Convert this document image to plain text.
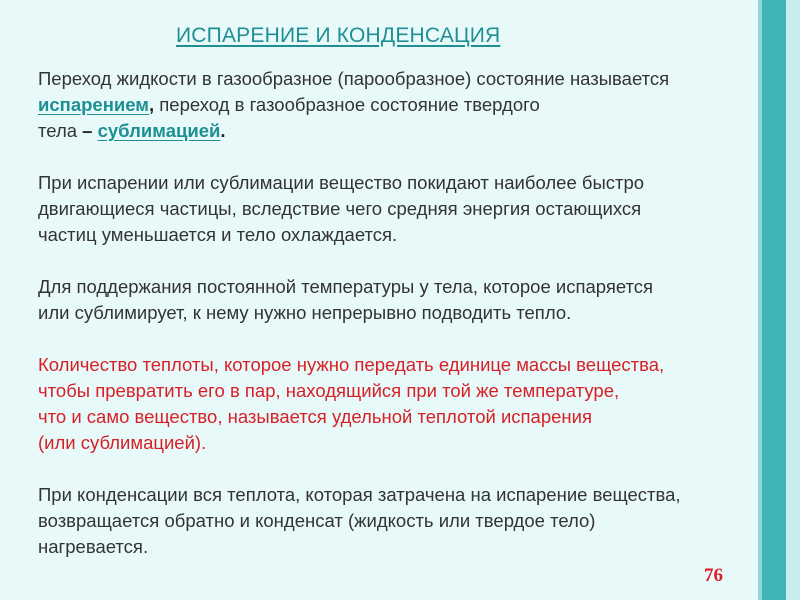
ИСПАРЕНИЕ И КОНДЕНСАЦИЯ
Переход жидкости в газообразное (парообразное) состояние называется
испарением, переход в газообразное состояние твердого
тела – сублимацией.
При испарении или сублимации вещество покидают наиболее быстро
двигающиеся частицы, вследствие чего средняя энергия остающихся
частиц уменьшается и тело охлаждается.
Для поддержания постоянной температуры у тела, которое испаряется
или сублимирует, к нему нужно непрерывно подводить тепло.
Количество теплоты, которое нужно передать единице массы вещества,
чтобы превратить его в пар, находящийся при той же температуре,
что и само вещество, называется удельной теплотой испарения
(или сублимацией).
При конденсации вся теплота, которая затрачена на испарение вещества,
возвращается обратно и конденсат (жидкость или твердое тело)
нагревается.
76
